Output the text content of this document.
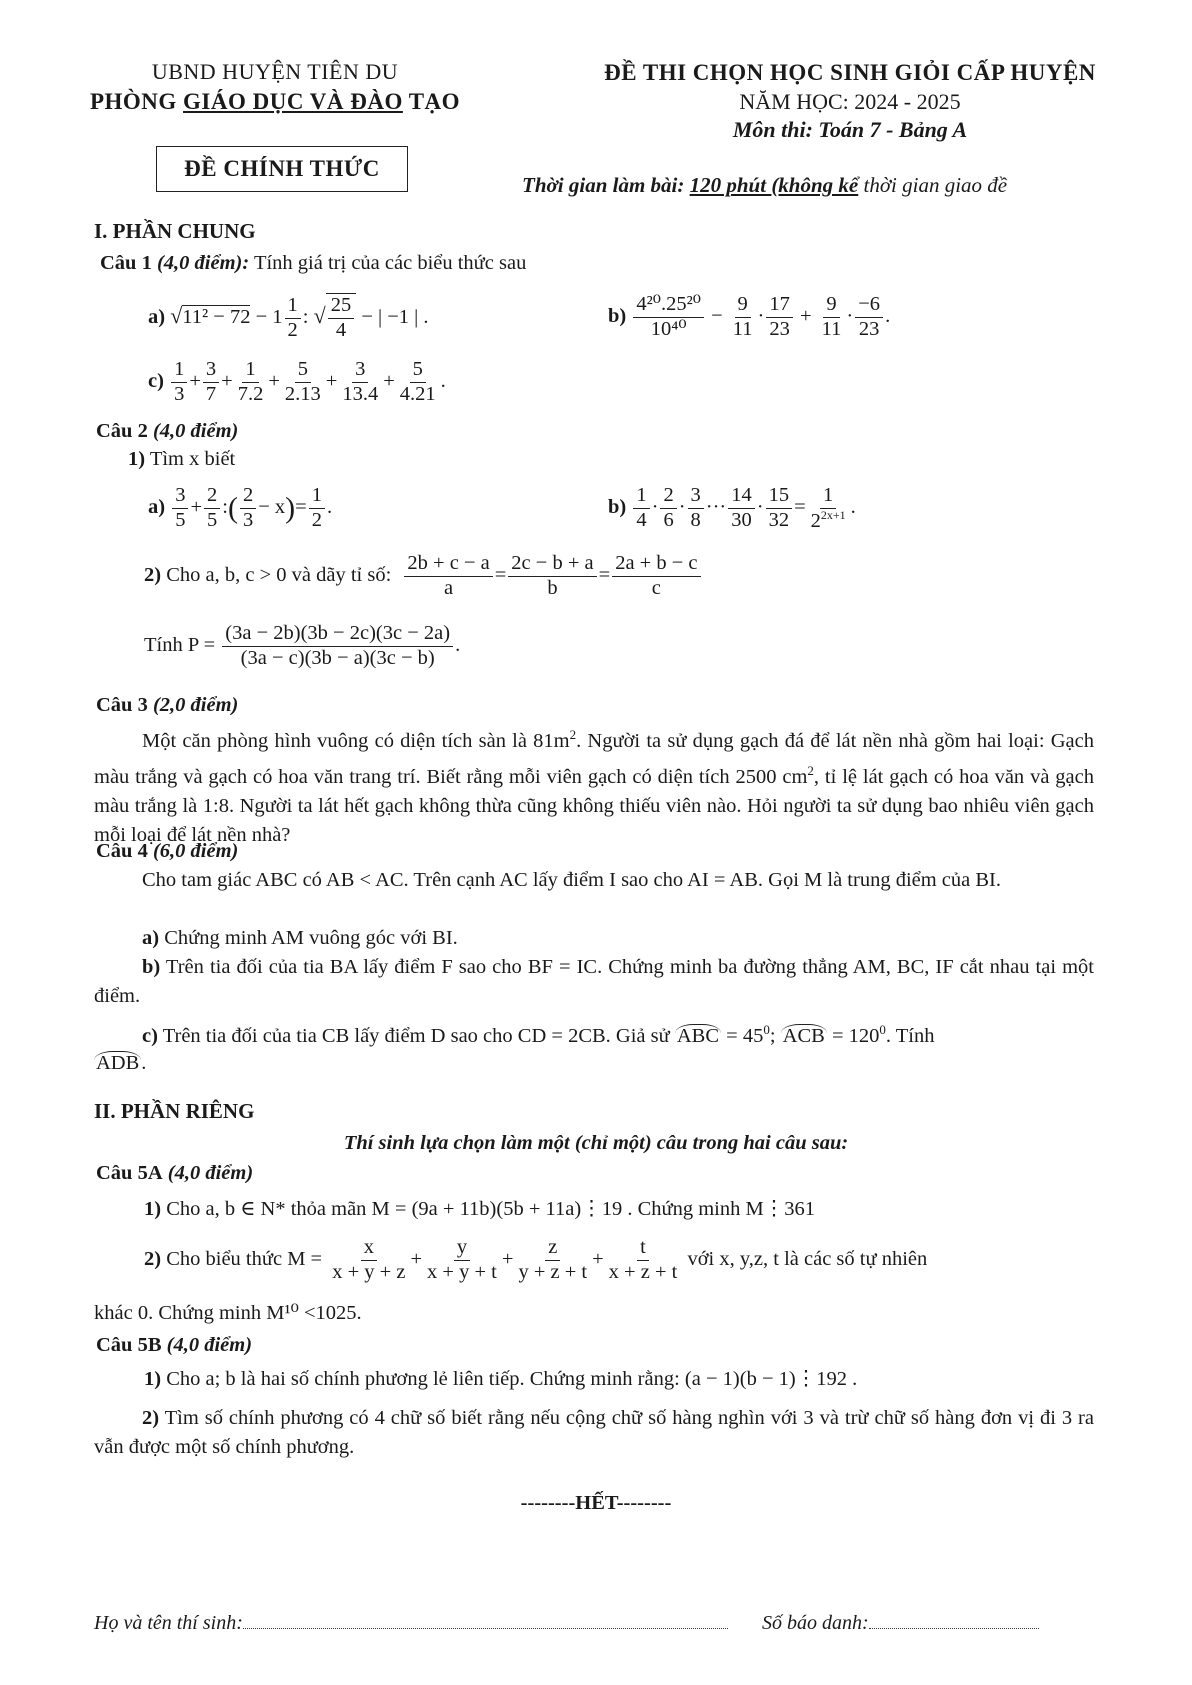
UBND HUYỆN TIÊN DU
PHÒNG GIÁO DỤC VÀ ĐÀO TẠO
ĐỀ CHÍNH THỨC
ĐỀ THI CHỌN HỌC SINH GIỎI CẤP HUYỆN
NĂM HỌC: 2024 - 2025
Môn thi: Toán 7 - Bảng A
Thời gian làm bài: 120 phút (không kể thời gian giao đề
I. PHẦN CHUNG
Câu 1 (4,0 điểm): Tính giá trị của các biểu thức sau
a) $√11^2 - 72 - 1 \frac{1}{2}$ : √ $\frac{25}{4}$ − | −1 | .	$b) \frac{\text{4²⁰.25²⁰}}{\text{10⁴⁰}} - \frac{9}{11} \cdot \frac{17}{23} + \frac{9}{11} \cdot \frac{-6}{23}$ .
$c) \frac{1}{3} + \frac{3}{7} + \frac{1}{7.2} + \frac{5}{2.13} + \frac{3}{13.4} + \frac{5}{4.21}$ .
Câu 2 (4,0 điểm)
1) Tìm x biết
$a) \frac{3}{5} + \frac{2}{5}$ :( $\frac{2}{3} - x)= \frac{1}{2}$ .	$b) \frac{1}{4} \cdot \frac{2}{6} \cdot \frac{3}{8}$ ··· $\frac{14}{30} \cdot \frac{15}{32} = \frac{1}{2^{2x+1}}$ .
2) Cho a, b, c > 0 và dãy tỉ số: $\frac{2b + c - a}{a} = \frac{2c - b + a}{b} = \frac{2a + b - c}{c}$
Tính $P = \frac{(3a - 2b)(3b - 2c)(3c - 2a)}{(3a - c)(3b - a)(3c - b)}$ .
Câu 3 (2,0 điểm)
Một căn phòng hình vuông có diện tích sàn là $81m^2$. Người ta sử dụng gạch đá để lát nền nhà gồm hai loại: Gạch màu trắng và gạch có hoa văn trang trí. Biết rằng mỗi viên gạch có diện tích 2500 $cm^2$, tỉ lệ lát gạch có hoa văn và gạch màu trắng là 1:8. Người ta lát hết gạch không thừa cũng không thiếu viên nào. Hỏi người ta sử dụng bao nhiêu viên gạch mỗi loại để lát nền nhà?
Câu 4 (6,0 điểm)
Cho tam giác ABC có AB < AC. Trên cạnh AC lấy điểm I sao cho AI = AB. Gọi M là trung điểm của BI.
a) Chứng minh AM vuông góc với BI.
b) Trên tia đối của tia BA lấy điểm F sao cho BF = IC. Chứng minh ba đường thẳng AM, BC, IF cắt nhau tại một điểm.
c) Trên tia đối của tia CB lấy điểm D sao cho CD = 2CB. Giả sử ABC = $45^0$; ACB = $120^0$. Tính
ADB.
II. PHẦN RIÊNG
Thí sinh lựa chọn làm một (chỉ một) câu trong hai câu sau:
Câu 5A (4,0 điểm)
1) Cho a, b ∈ N* thỏa mãn M = (9a + 11b)(5b + 11a)⋮19 . Chứng minh M⋮361
2) Cho biểu thức $M = \frac{x}{x + y + z} + \frac{y}{x + y + t} + \frac{z}{y + z + t} + \frac{t}{x + z + t}$ với x, y,z, t là các số tự nhiên
khác 0. Chứng minh M¹⁰ <1025.
Câu 5B (4,0 điểm)
1) Cho a; b là hai số chính phương lẻ liên tiếp. Chứng minh rằng: (a − 1)(b − 1)⋮192 .
2) Tìm số chính phương có 4 chữ số biết rằng nếu cộng chữ số hàng nghìn với 3 và trừ chữ số hàng đơn vị đi 3 ra vẫn được một số chính phương.
--------HẾT--------
Họ và tên thí sinh:	Số báo danh:
